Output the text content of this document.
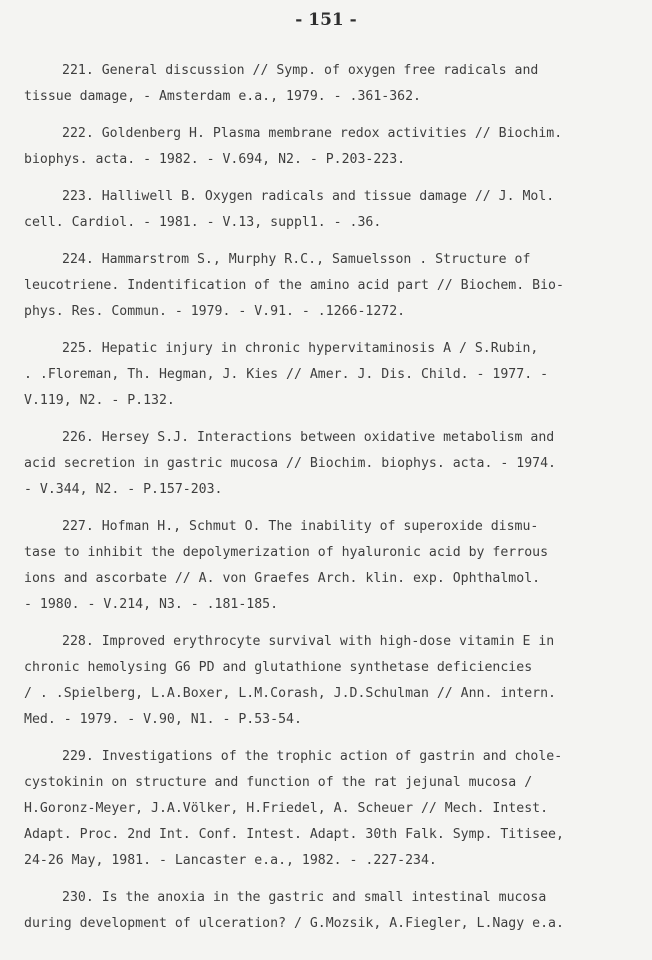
- 151 -
221. General discussion // Symp. of oxygen free radicals and
tissue damage, - Amsterdam e.a., 1979. - .361-362.
222. Goldenberg H. Plasma membrane redox activities // Biochim.
biophys. acta. - 1982. - V.694, N2. - P.203-223.
223. Halliwell B. Oxygen radicals and tissue damage // J. Mol.
cell. Cardiol. - 1981. - V.13, suppl1. - .36.
224. Hammarstrom S., Murphy R.C., Samuelsson . Structure of
leucotriene. Indentification of the amino acid part // Biochem. Bio-
phys. Res. Commun. - 1979. - V.91. - .1266-1272.
225. Hepatic injury in chronic hypervitaminosis A / S.Rubin,
. .Floreman, Th. Hegman, J. Kies // Amer. J. Dis. Child. - 1977. -
V.119, N2. - P.132.
226. Hersey S.J. Interactions between oxidative metabolism and
acid secretion in gastric mucosa // Biochim. biophys. acta. - 1974.
- V.344, N2. - P.157-203.
227. Hofman H., Schmut O. The inability of superoxide dismu-
tase to inhibit the depolymerization of hyaluronic acid by ferrous
ions and ascorbate // A. von Graefes Arch. klin. exp. Ophthalmol.
- 1980. - V.214, N3. - .181-185.
228. Improved erythrocyte survival with high-dose vitamin E in
chronic hemolysing G6 PD and glutathione synthetase deficiencies
/ . .Spielberg, L.A.Boxer, L.M.Corash, J.D.Schulman // Ann. intern.
Med. - 1979. - V.90, N1. - P.53-54.
229. Investigations of the trophic action of gastrin and chole-
cystokinin on structure and function of the rat jejunal mucosa /
H.Goronz-Meyer, J.A.Völker, H.Friedel, A. Scheuer // Mech. Intest.
Adapt. Proc. 2nd Int. Conf. Intest. Adapt. 30th Falk. Symp. Titisee,
24-26 May, 1981. - Lancaster e.a., 1982. - .227-234.
230. Is the anoxia in the gastric and small intestinal mucosa
during development of ulceration? / G.Mozsik, A.Fiegler, L.Nagy e.a.
